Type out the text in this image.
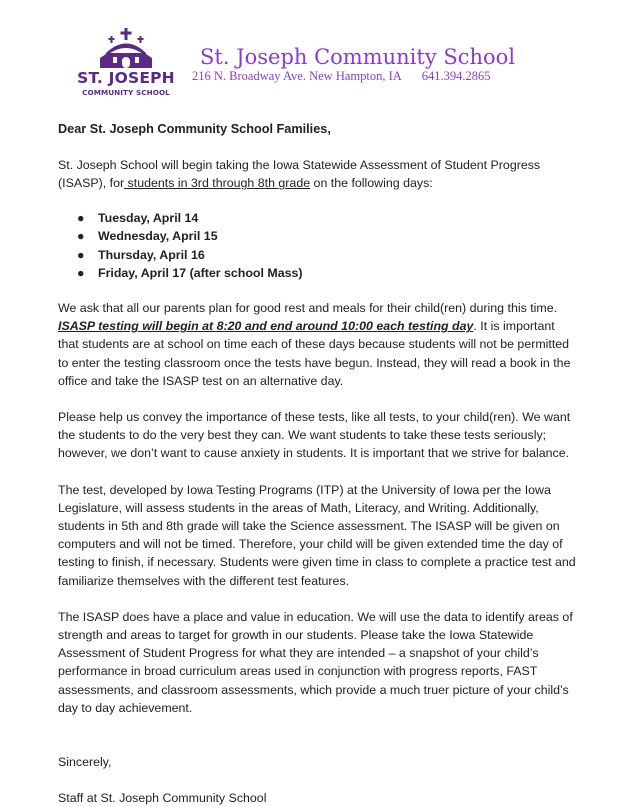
ST. JOSEPH
COMMUNITY SCHOOL
St. Joseph Community School
216 N. Broadway Ave. New Hampton, IA 641.394.2865

Dear St. Joseph Community School Families,

St. Joseph School will begin taking the Iowa Statewide Assessment of Student Progress (ISASP), for students in 3rd through 8th grade on the following days:

● Tuesday, April 14
● Wednesday, April 15
● Thursday, April 16
● Friday, April 17 (after school Mass)

We ask that all our parents plan for good rest and meals for their child(ren) during this time. ISASP testing will begin at 8:20 and end around 10:00 each testing day. It is important that students are at school on time each of these days because students will not be permitted to enter the testing classroom once the tests have begun. Instead, they will read a book in the office and take the ISASP test on an alternative day.

Please help us convey the importance of these tests, like all tests, to your child(ren). We want the students to do the very best they can. We want students to take these tests seriously; however, we don’t want to cause anxiety in students. It is important that we strive for balance.

The test, developed by Iowa Testing Programs (ITP) at the University of Iowa per the Iowa Legislature, will assess students in the areas of Math, Literacy, and Writing. Additionally, students in 5th and 8th grade will take the Science assessment. The ISASP will be given on computers and will not be timed. Therefore, your child will be given extended time the day of testing to finish, if necessary. Students were given time in class to complete a practice test and familiarize themselves with the different test features.

The ISASP does have a place and value in education. We will use the data to identify areas of strength and areas to target for growth in our students. Please take the Iowa Statewide Assessment of Student Progress for what they are intended – a snapshot of your child’s performance in broad curriculum areas used in conjunction with progress reports, FAST assessments, and classroom assessments, which provide a much truer picture of your child’s day to day achievement.

Sincerely,

Staff at St. Joseph Community School
